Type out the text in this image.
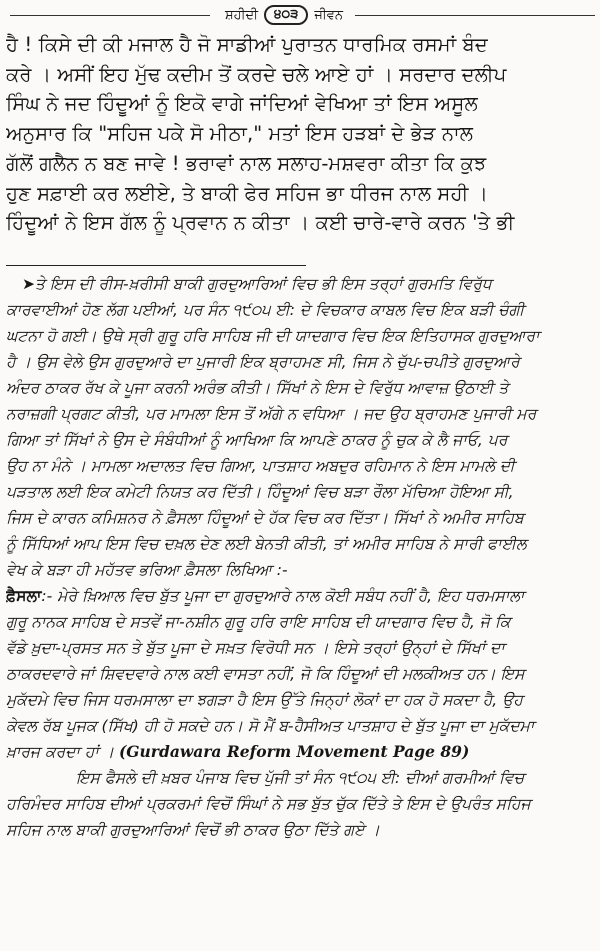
ਸ਼ਹੀਦੀ	੪੦੩	ਜੀਵਨ
ਹੈ ! ਕਿਸੇ ਦੀ ਕੀ ਮਜਾਲ ਹੈ ਜੋ ਸਾਡੀਆਂ ਪੁਰਾਤਨ ਧਾਰਮਿਕ ਰਸਮਾਂ ਬੰਦ
ਕਰੇ । ਅਸੀਂ ਇਹ ਮੁੱਢ ਕਦੀਮ ਤੋਂ ਕਰਦੇ ਚਲੇ ਆਏ ਹਾਂ । ਸਰਦਾਰ ਦਲੀਪ
ਸਿੰਘ ਨੇ ਜਦ ਹਿੰਦੂਆਂ ਨੂੰ ਇਕੋ ਵਾਗੇ ਜਾਂਦਿਆਂ ਵੇਖਿਆ ਤਾਂ ਇਸ ਅਸੂਲ
ਅਨੁਸਾਰ ਕਿ "ਸਹਿਜ ਪਕੇ ਸੋ ਮੀਠਾ," ਮਤਾਂ ਇਸ ਹੜਬਾਂ ਦੇ ਭੇੜ ਨਾਲ
ਗੱਲੋਂ ਗਲੈਨ ਨ ਬਣ ਜਾਵੇ ! ਭਰਾਵਾਂ ਨਾਲ ਸਲਾਹ-ਮਸ਼ਵਰਾ ਕੀਤਾ ਕਿ ਕੁਝ
ਹੁਣ ਸਫ਼ਾਈ ਕਰ ਲਈਏ, ਤੇ ਬਾਕੀ ਫੇਰ ਸਹਿਜ ਭਾ ਧੀਰਜ ਨਾਲ ਸਹੀ ।
ਹਿੰਦੂਆਂ ਨੇ ਇਸ ਗੱਲ ਨੂੰ ਪ੍ਰਵਾਨ ਨ ਕੀਤਾ । ਕਈ ਚਾਰੇ-ਵਾਰੇ ਕਰਨ 'ਤੇ ਭੀ
➤ਤੇ ਇਸ ਦੀ ਰੀਸ-ਖ਼ਰੀਸੀ ਬਾਕੀ ਗੁਰਦੁਆਰਿਆਂ ਵਿਚ ਭੀ ਇਸ ਤਰ੍ਹਾਂ ਗੁਰਮਤਿ ਵਿਰੁੱਧ
ਕਾਰਵਾਈਆਂ ਹੋਣ ਲੱਗ ਪਈਆਂ, ਪਰ ਸੰਨ ੧੯੦੫ ਈ: ਦੇ ਵਿਚਕਾਰ ਕਾਬਲ ਵਿਚ ਇਕ ਬੜੀ ਚੰਗੀ
ਘਟਨਾ ਹੋ ਗਈ। ਉਥੇ ਸ੍ਰੀ ਗੁਰੂ ਹਰਿ ਸਾਹਿਬ ਜੀ ਦੀ ਯਾਦਗਾਰ ਵਿਚ ਇਕ ਇਤਿਹਾਸਕ ਗੁਰਦੁਆਰਾ
ਹੈ । ਉਸ ਵੇਲੇ ਉਸ ਗੁਰਦੁਆਰੇ ਦਾ ਪੁਜਾਰੀ ਇਕ ਬ੍ਰਾਹਮਣ ਸੀ, ਜਿਸ ਨੇ ਚੁੱਪ-ਚਪੀਤੇ ਗੁਰਦੁਆਰੇ
ਅੰਦਰ ਠਾਕਰ ਰੱਖ ਕੇ ਪੂਜਾ ਕਰਨੀ ਅਰੰਭ ਕੀਤੀ। ਸਿੱਖਾਂ ਨੇ ਇਸ ਦੇ ਵਿਰੁੱਧ ਆਵਾਜ਼ ਉਠਾਈ ਤੇ
ਨਰਾਜ਼ਗੀ ਪ੍ਰਗਟ ਕੀਤੀ, ਪਰ ਮਾਮਲਾ ਇਸ ਤੋਂ ਅੱਗੇ ਨ ਵਧਿਆ । ਜਦ ਉਹ ਬ੍ਰਾਹਮਣ ਪੁਜਾਰੀ ਮਰ
ਗਿਆ ਤਾਂ ਸਿੱਖਾਂ ਨੇ ਉਸ ਦੇ ਸੰਬੰਧੀਆਂ ਨੂੰ ਆਖਿਆ ਕਿ ਆਪਣੇ ਠਾਕਰ ਨੂੰ ਚੁਕ ਕੇ ਲੈ ਜਾਓ, ਪਰ
ਉਹ ਨਾ ਮੰਨੇ । ਮਾਮਲਾ ਅਦਾਲਤ ਵਿਚ ਗਿਆ, ਪਾਤਸ਼ਾਹ ਅਬਦੁਰ ਰਹਿਮਾਨ ਨੇ ਇਸ ਮਾਮਲੇ ਦੀ
ਪੜਤਾਲ ਲਈ ਇਕ ਕਮੇਟੀ ਨਿਯਤ ਕਰ ਦਿੱਤੀ। ਹਿੰਦੂਆਂ ਵਿਚ ਬੜਾ ਰੌਲਾ ਮੱਚਿਆ ਹੋਇਆ ਸੀ,
ਜਿਸ ਦੇ ਕਾਰਨ ਕਮਿਸ਼ਨਰ ਨੇ ਫ਼ੈਸਲਾ ਹਿੰਦੂਆਂ ਦੇ ਹੱਕ ਵਿਚ ਕਰ ਦਿੱਤਾ। ਸਿੱਖਾਂ ਨੇ ਅਮੀਰ ਸਾਹਿਬ
ਨੂੰ ਸਿੱਧਿਆਂ ਆਪ ਇਸ ਵਿਚ ਦਖ਼ਲ ਦੇਣ ਲਈ ਬੇਨਤੀ ਕੀਤੀ, ਤਾਂ ਅਮੀਰ ਸਾਹਿਬ ਨੇ ਸਾਰੀ ਫਾਈਲ
ਵੇਖ ਕੇ ਬੜਾ ਹੀ ਮਹੱਤਵ ਭਰਿਆ ਫ਼ੈਸਲਾ ਲਿਖਿਆ :-
ਫ਼ੈਸਲਾ:- ਮੇਰੇ ਖ਼ਿਆਲ ਵਿਚ ਬੁੱਤ ਪੂਜਾ ਦਾ ਗੁਰਦੁਆਰੇ ਨਾਲ ਕੋਈ ਸਬੰਧ ਨਹੀਂ ਹੈ, ਇਹ ਧਰਮਸਾਲਾ
ਗੁਰੂ ਨਾਨਕ ਸਾਹਿਬ ਦੇ ਸਤਵੇਂ ਜਾ-ਨਸ਼ੀਨ ਗੁਰੂ ਹਰਿ ਰਾਇ ਸਾਹਿਬ ਦੀ ਯਾਦਗਾਰ ਵਿਚ ਹੈ, ਜੋ ਕਿ
ਵੱਡੇ ਖ਼ੁਦਾ-ਪ੍ਰਸਤ ਸਨ ਤੇ ਬੁੱਤ ਪੂਜਾ ਦੇ ਸਖ਼ਤ ਵਿਰੋਧੀ ਸਨ । ਇਸੇ ਤਰ੍ਹਾਂ ਉਨ੍ਹਾਂ ਦੇ ਸਿੱਖਾਂ ਦਾ
ਠਾਕਰਦਵਾਰੇ ਜਾਂ ਸ਼ਿਵਦਵਾਰੇ ਨਾਲ ਕਈ ਵਾਸਤਾ ਨਹੀਂ, ਜੋ ਕਿ ਹਿੰਦੂਆਂ ਦੀ ਮਲਕੀਅਤ ਹਨ। ਇਸ
ਮੁਕੱਦਮੇ ਵਿਚ ਜਿਸ ਧਰਮਸਾਲਾ ਦਾ ਝਗੜਾ ਹੈ ਇਸ ਉੱਤੇ ਜਿਨ੍ਹਾਂ ਲੋਕਾਂ ਦਾ ਹਕ ਹੋ ਸਕਦਾ ਹੈ, ਉਹ
ਕੇਵਲ ਰੱਬ ਪੂਜਕ (ਸਿੱਖ) ਹੀ ਹੋ ਸਕਦੇ ਹਨ। ਸੋ ਮੈਂ ਬ-ਹੈਸੀਅਤ ਪਾਤਸ਼ਾਹ ਦੇ ਬੁੱਤ ਪੂਜਾ ਦਾ ਮੁਕੱਦਮਾ
ਖ਼ਾਰਜ ਕਰਦਾ ਹਾਂ । (Gurdawara Reform Movement Page 89)
ਇਸ ਫੈਸਲੇ ਦੀ ਖ਼ਬਰ ਪੰਜਾਬ ਵਿਚ ਪੁੱਜੀ ਤਾਂ ਸੰਨ ੧੯੦੫ ਈ: ਦੀਆਂ ਗਰਮੀਆਂ ਵਿਚ
ਹਰਿਮੰਦਰ ਸਾਹਿਬ ਦੀਆਂ ਪ੍ਰਕਰਮਾਂ ਵਿਚੋਂ ਸਿੰਘਾਂ ਨੇ ਸਭ ਬੁੱਤ ਚੁੱਕ ਦਿੱਤੇ ਤੇ ਇਸ ਦੇ ਉਪਰੰਤ ਸਹਿਜ
ਸਹਿਜ ਨਾਲ ਬਾਕੀ ਗੁਰਦੁਆਰਿਆਂ ਵਿਚੋਂ ਭੀ ਠਾਕਰ ਉਠਾ ਦਿੱਤੇ ਗਏ ।
